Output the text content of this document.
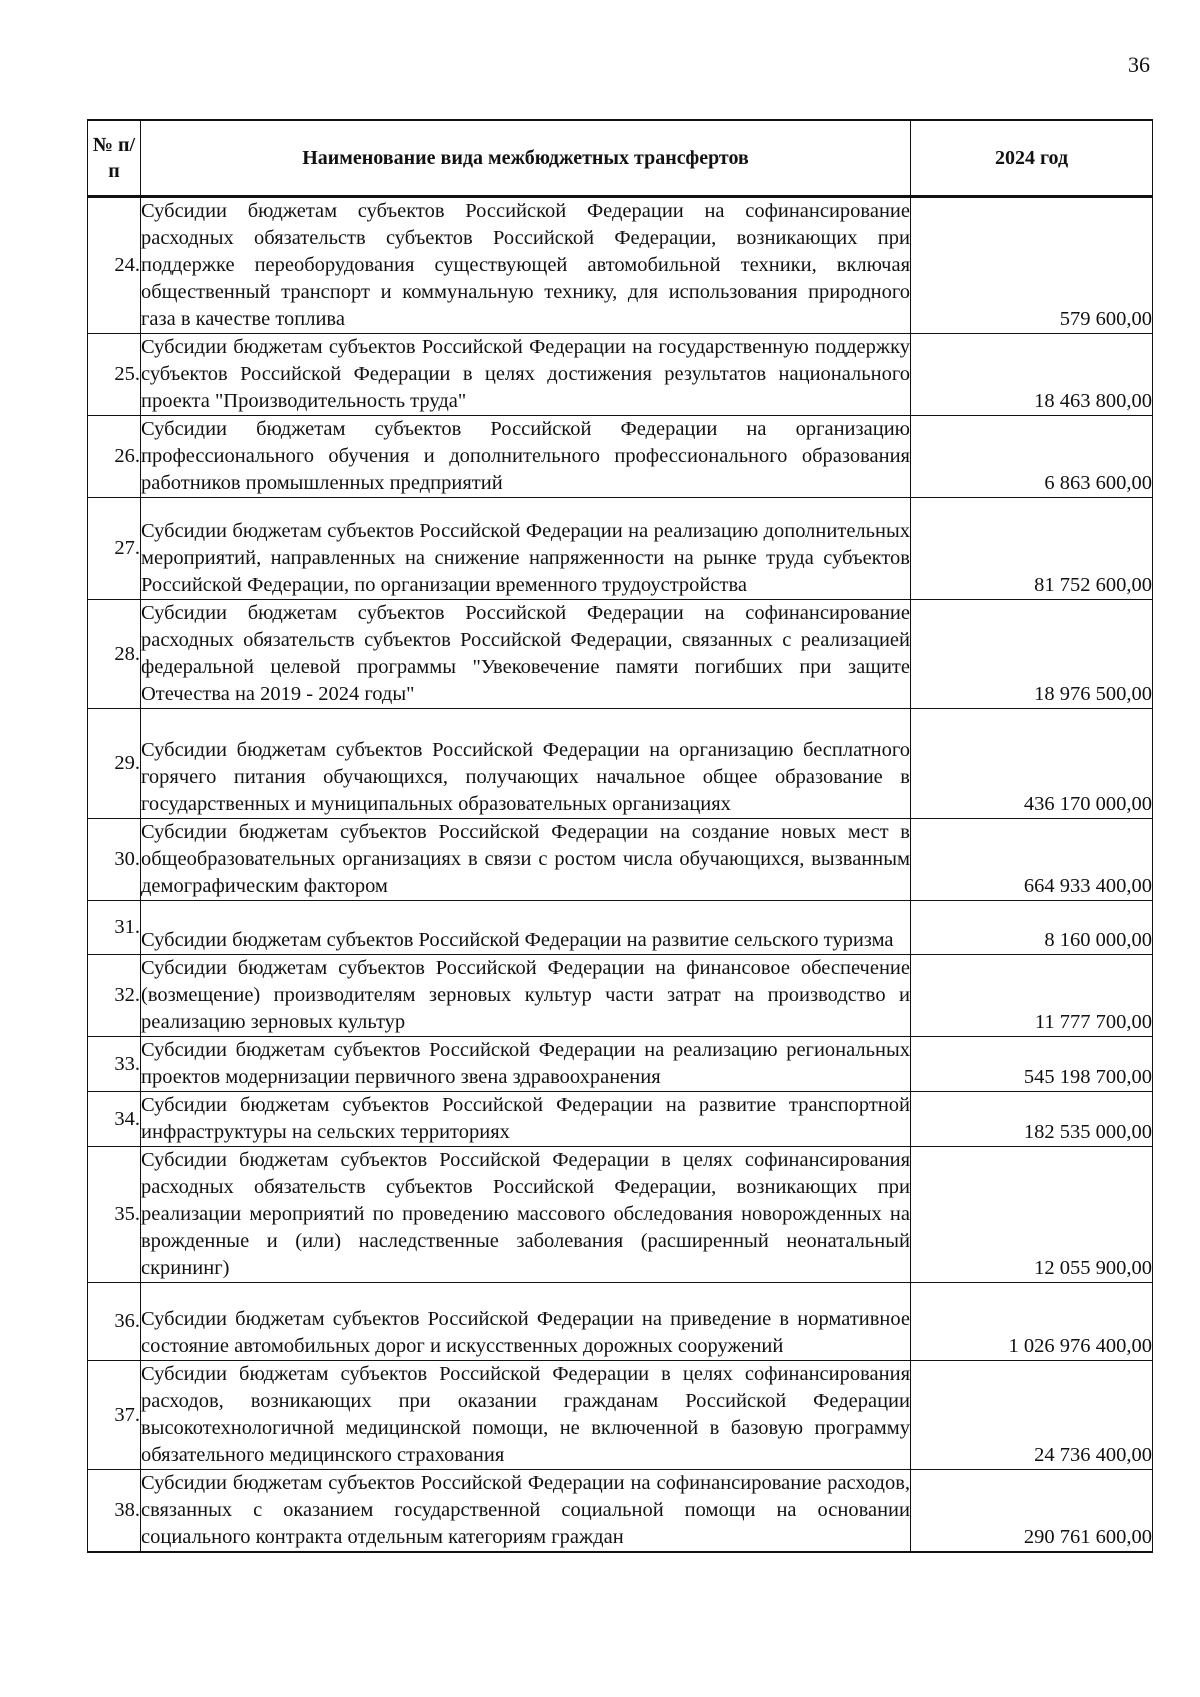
36
№ п/п	Наименование вида межбюджетных трансфертов	2024 год
24.	Субсидии бюджетам субъектов Российской Федерации на софинансирование расходных обязательств субъектов Российской Федерации, возникающих при поддержке переоборудования существующей автомобильной техники, включая общественный транспорт и коммунальную технику, для использования природного газа в качестве топлива	579 600,00
25.	Субсидии бюджетам субъектов Российской Федерации на государственную поддержку субъектов Российской Федерации в целях достижения результатов национального проекта "Производительность труда"	18 463 800,00
26.	Субсидии бюджетам субъектов Российской Федерации на организацию профессионального обучения и дополнительного профессионального образования работников промышленных предприятий	6 863 600,00
27.	Субсидии бюджетам субъектов Российской Федерации на реализацию дополнительных мероприятий, направленных на снижение напряженности на рынке труда субъектов Российской Федерации, по организации временного трудоустройства	81 752 600,00
28.	Субсидии бюджетам субъектов Российской Федерации на софинансирование расходных обязательств субъектов Российской Федерации, связанных с реализацией федеральной целевой программы "Увековечение памяти погибших при защите Отечества на 2019 - 2024 годы"	18 976 500,00
29.	Субсидии бюджетам субъектов Российской Федерации на организацию бесплатного горячего питания обучающихся, получающих начальное общее образование в государственных и муниципальных образовательных организациях	436 170 000,00
30.	Субсидии бюджетам субъектов Российской Федерации на создание новых мест в общеобразовательных организациях в связи с ростом числа обучающихся, вызванным демографическим фактором	664 933 400,00
31.	Субсидии бюджетам субъектов Российской Федерации на развитие сельского туризма	8 160 000,00
32.	Субсидии бюджетам субъектов Российской Федерации на финансовое обеспечение (возмещение) производителям зерновых культур части затрат на производство и реализацию зерновых культур	11 777 700,00
33.	Субсидии бюджетам субъектов Российской Федерации на реализацию региональных проектов модернизации первичного звена здравоохранения	545 198 700,00
34.	Субсидии бюджетам субъектов Российской Федерации на развитие транспортной инфраструктуры на сельских территориях	182 535 000,00
35.	Субсидии бюджетам субъектов Российской Федерации в целях софинансирования расходных обязательств субъектов Российской Федерации, возникающих при реализации мероприятий по проведению массового обследования новорожденных на врожденные и (или) наследственные заболевания (расширенный неонатальный скрининг)	12 055 900,00
36.	Субсидии бюджетам субъектов Российской Федерации на приведение в нормативное состояние автомобильных дорог и искусственных дорожных сооружений	1 026 976 400,00
37.	Субсидии бюджетам субъектов Российской Федерации в целях софинансирования расходов, возникающих при оказании гражданам Российской Федерации высокотехнологичной медицинской помощи, не включенной в базовую программу обязательного медицинского страхования	24 736 400,00
38.	Субсидии бюджетам субъектов Российской Федерации на софинансирование расходов, связанных с оказанием государственной социальной помощи на основании социального контракта отдельным категориям граждан	290 761 600,00
